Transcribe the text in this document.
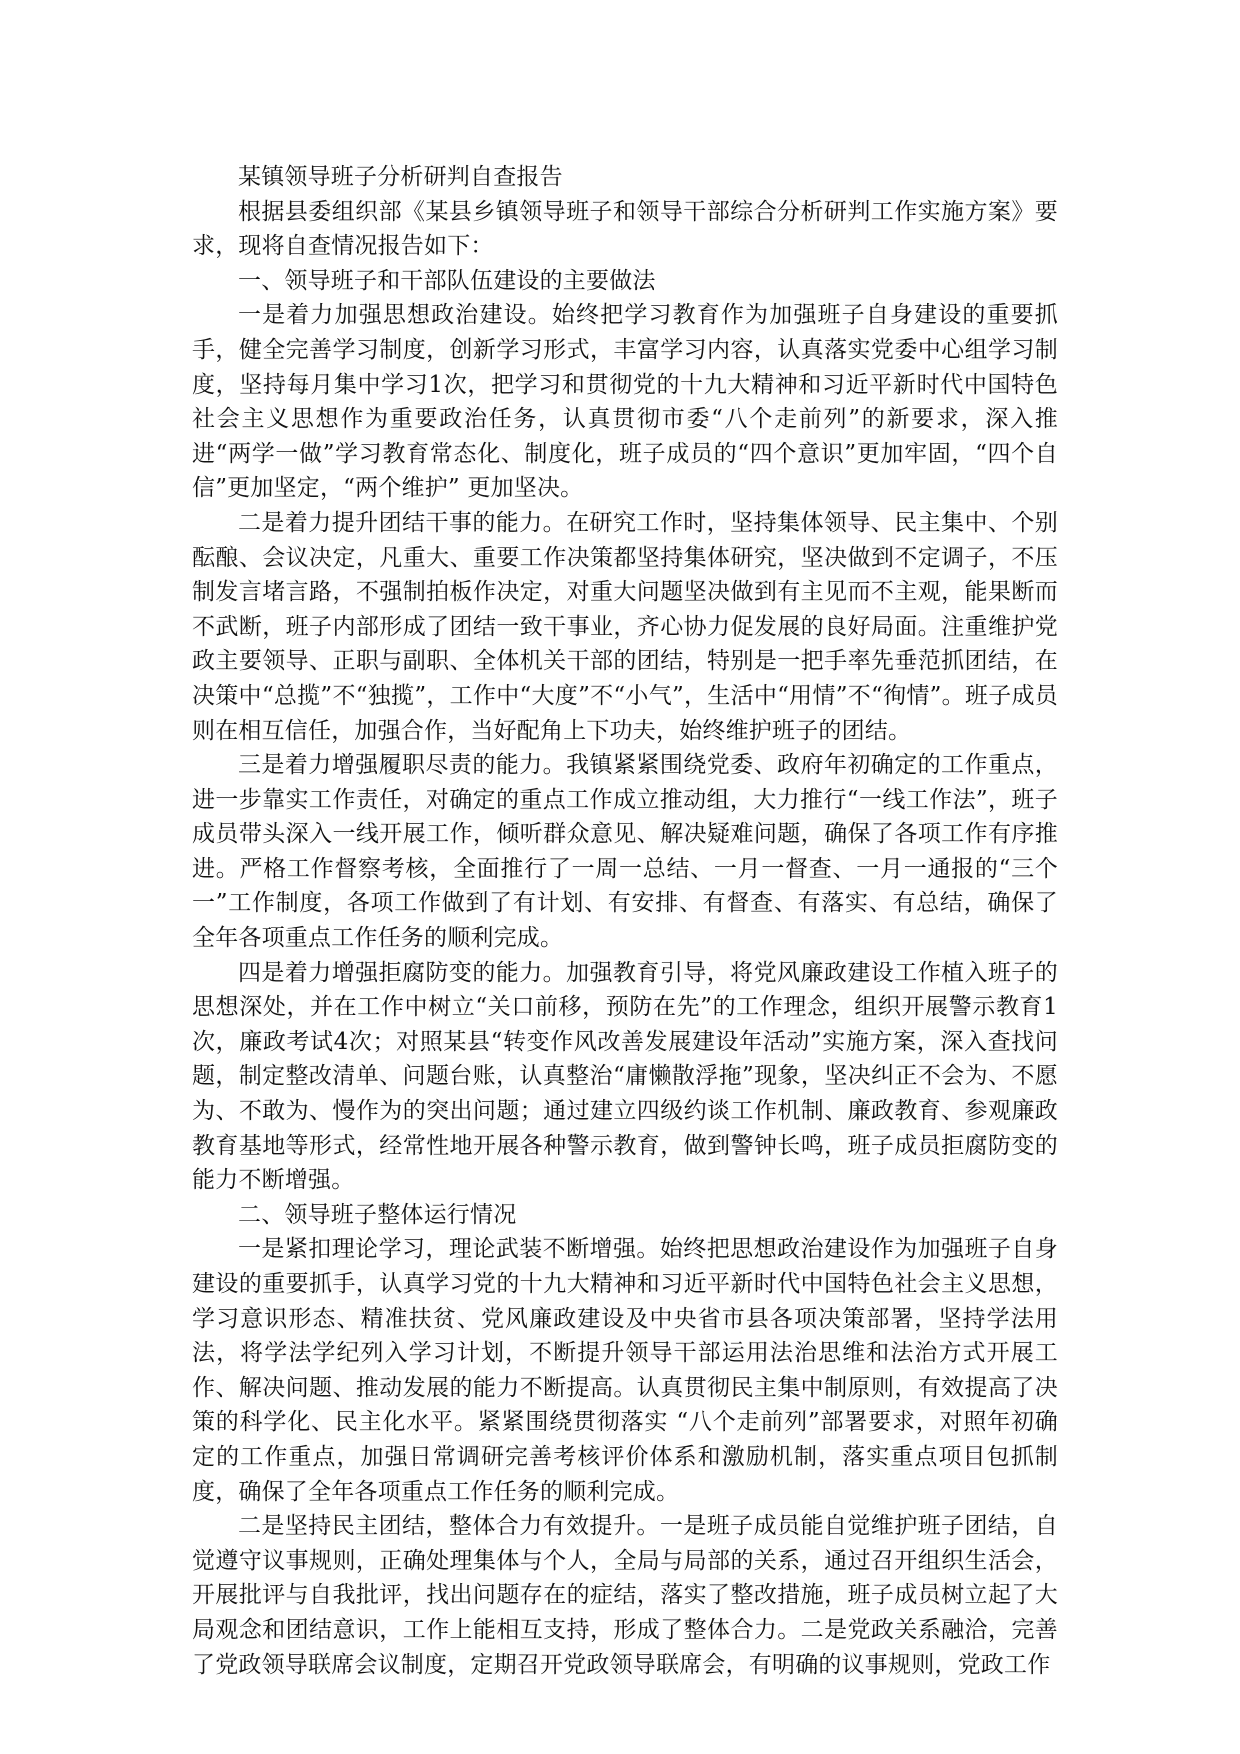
某镇领导班子分析研判自查报告

根据县委组织部《某县乡镇领导班子和领导干部综合分析研判工作实施方案》要求，现将自查情况报告如下：

一、领导班子和干部队伍建设的主要做法

一是着力加强思想政治建设。始终把学习教育作为加强班子自身建设的重要抓手，健全完善学习制度，创新学习形式，丰富学习内容，认真落实党委中心组学习制度，坚持每月集中学习1次，把学习和贯彻党的十九大精神和习近平新时代中国特色社会主义思想作为重要政治任务，认真贯彻市委“八个走前列”的新要求，深入推进“两学一做”学习教育常态化、制度化，班子成员的“四个意识”更加牢固，“四个自信”更加坚定，“两个维护” 更加坚决。

二是着力提升团结干事的能力。在研究工作时，坚持集体领导、民主集中、个别酝酿、会议决定，凡重大、重要工作决策都坚持集体研究，坚决做到不定调子，不压制发言堵言路，不强制拍板作决定，对重大问题坚决做到有主见而不主观，能果断而不武断，班子内部形成了团结一致干事业，齐心协力促发展的良好局面。注重维护党政主要领导、正职与副职、全体机关干部的团结，特别是一把手率先垂范抓团结，在决策中“总揽”不“独揽”，工作中“大度”不“小气”，生活中“用情”不“徇情”。班子成员则在相互信任，加强合作，当好配角上下功夫，始终维护班子的团结。

三是着力增强履职尽责的能力。我镇紧紧围绕党委、政府年初确定的工作重点，进一步靠实工作责任，对确定的重点工作成立推动组，大力推行“一线工作法”，班子成员带头深入一线开展工作，倾听群众意见、解决疑难问题，确保了各项工作有序推进。严格工作督察考核，全面推行了一周一总结、一月一督查、一月一通报的“三个一”工作制度，各项工作做到了有计划、有安排、有督查、有落实、有总结，确保了全年各项重点工作任务的顺利完成。

四是着力增强拒腐防变的能力。加强教育引导，将党风廉政建设工作植入班子的思想深处，并在工作中树立“关口前移，预防在先”的工作理念，组织开展警示教育1次，廉政考试4次；对照某县“转变作风改善发展建设年活动”实施方案，深入查找问题，制定整改清单、问题台账，认真整治“庸懒散浮拖”现象，坚决纠正不会为、不愿为、不敢为、慢作为的突出问题；通过建立四级约谈工作机制、廉政教育、参观廉政教育基地等形式，经常性地开展各种警示教育，做到警钟长鸣，班子成员拒腐防变的能力不断增强。

二、领导班子整体运行情况

一是紧扣理论学习，理论武装不断增强。始终把思想政治建设作为加强班子自身建设的重要抓手，认真学习党的十九大精神和习近平新时代中国特色社会主义思想，学习意识形态、精准扶贫、党风廉政建设及中央省市县各项决策部署，坚持学法用法，将学法学纪列入学习计划，不断提升领导干部运用法治思维和法治方式开展工作、解决问题、推动发展的能力不断提高。认真贯彻民主集中制原则，有效提高了决策的科学化、民主化水平。紧紧围绕贯彻落实 “八个走前列”部署要求，对照年初确定的工作重点，加强日常调研完善考核评价体系和激励机制，落实重点项目包抓制度，确保了全年各项重点工作任务的顺利完成。

二是坚持民主团结，整体合力有效提升。一是班子成员能自觉维护班子团结，自觉遵守议事规则，正确处理集体与个人，全局与局部的关系，通过召开组织生活会，开展批评与自我批评，找出问题存在的症结，落实了整改措施，班子成员树立起了大局观念和团结意识，工作上能相互支持，形成了整体合力。二是党政关系融洽，完善了党政领导联席会议制度，定期召开党政领导联席会，有明确的议事规则，党政工作
